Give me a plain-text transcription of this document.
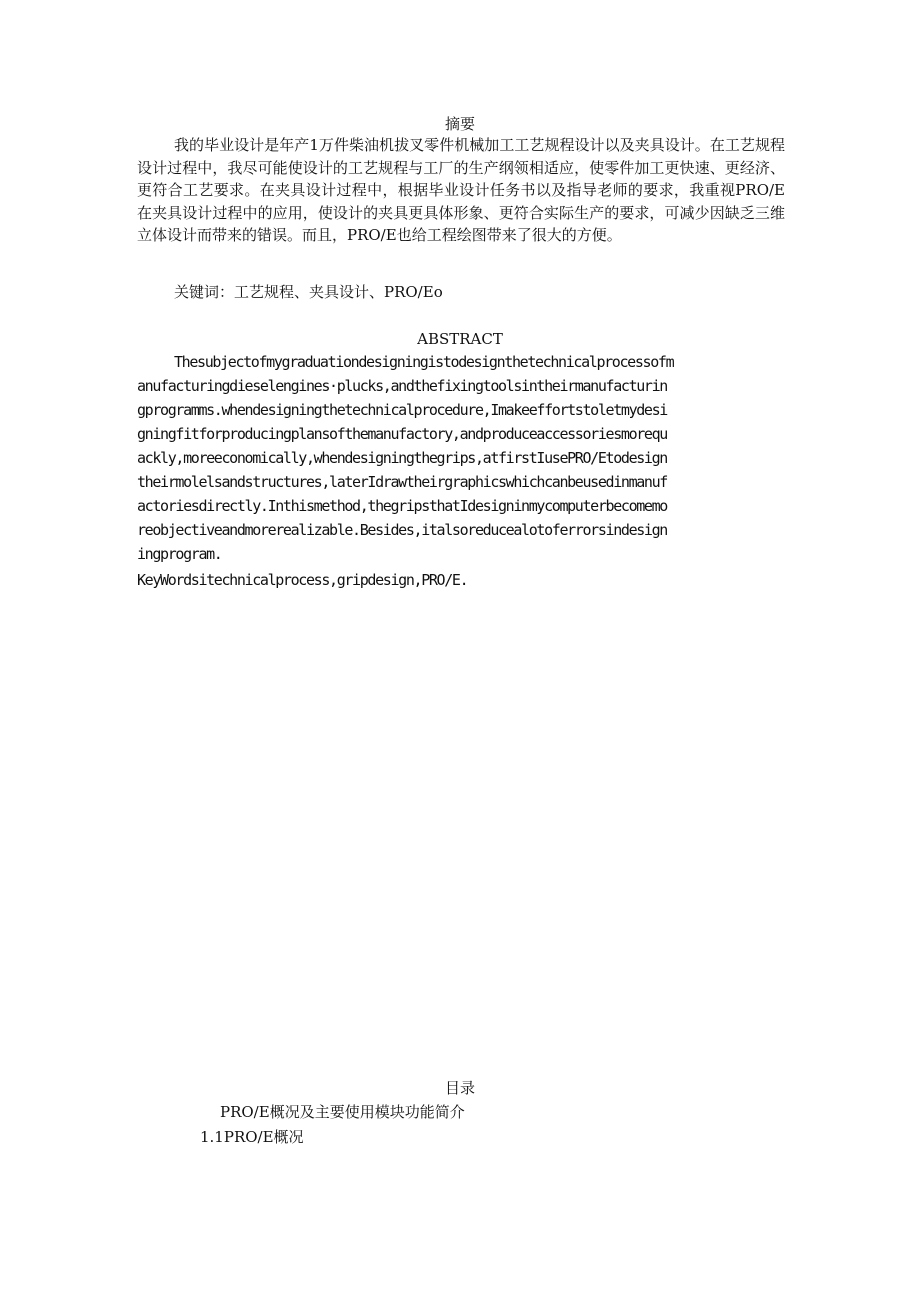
摘要
我的毕业设计是年产1万件柴油机拔叉零件机械加工工艺规程设计以及夹具设计。在工艺规程设计过程中，我尽可能使设计的工艺规程与工厂的生产纲领相适应，使零件加工更快速、更经济、更符合工艺要求。在夹具设计过程中，根据毕业设计任务书以及指导老师的要求，我重视PRO/E在夹具设计过程中的应用，使设计的夹具更具体形象、更符合实际生产的要求，可减少因缺乏三维立体设计而带来的错误。而且，PRO/E也给工程绘图带来了很大的方便。
关键词：工艺规程、夹具设计、PRO/Eo
ABSTRACT
Thesubjectofmygraduationdesigningistodesignthetechnicalprocessofm
anufacturingdieselengines·plucks,andthefixingtoolsintheirmanufacturin
gprogramms.whendesigningthetechnicalprocedure,Imakeeffortstoletmydesi
gningfitforproducingplansofthemanufactory,andproduceaccessoriesmorequ
ackly,moreeconomically,whendesigningthegrips,atfirstIusePRO/Etodesign
theirmolelsandstructures,laterIdrawtheirgraphicswhichcanbeusedinmanuf
actoriesdirectly.Inthismethod,thegripsthatIdesigninmycomputerbecomemo
reobjectiveandmorerealizable.Besides,italsoreducealotoferrorsindesign
ingprogram.
KeyWordsitechnicalprocess,gripdesign,PRO/E.
目录
PRO/E概况及主要使用模块功能简介
1.1PRO/E概况
